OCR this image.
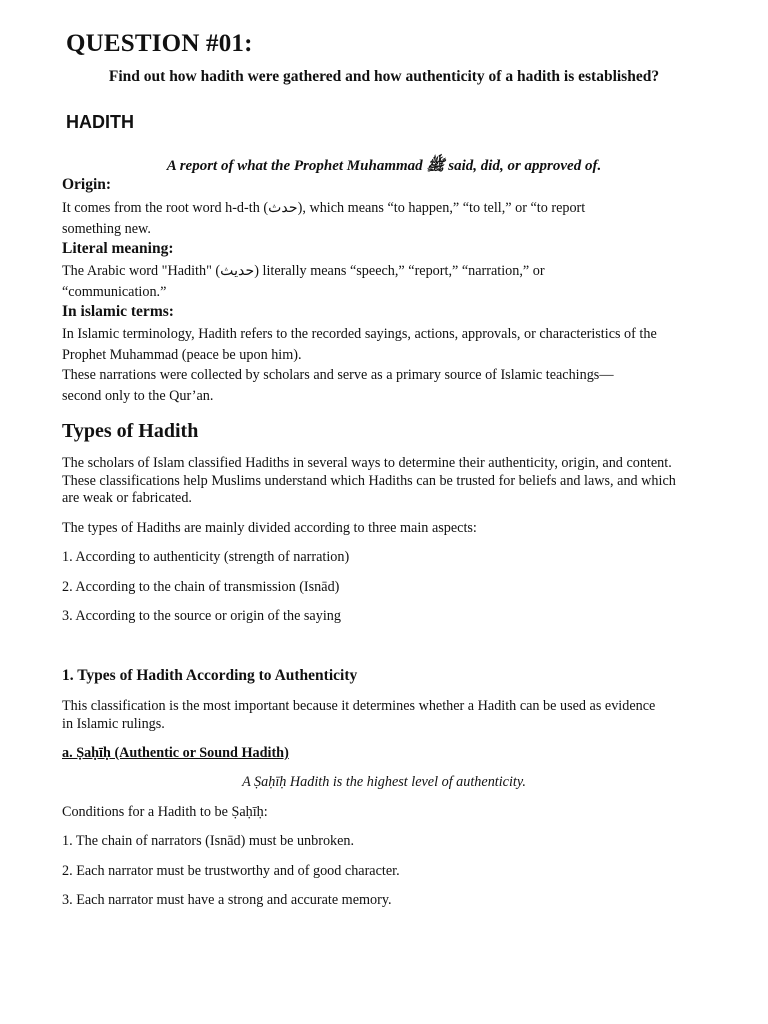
QUESTION #01:

Find out how hadith were gathered and how authenticity of a hadith is established?

HADITH

A report of what the Prophet Muhammad ﷺ said, did, or approved of.

Origin:

It comes from the root word h-d-th (حدث), which means “to happen,” “to tell,” or “to report something new.

Literal meaning:

The Arabic word "Hadith" (حديث) literally means “speech,” “report,” “narration,” or “communication.”

In islamic terms:

In Islamic terminology, Hadith refers to the recorded sayings, actions, approvals, or characteristics of the Prophet Muhammad (peace be upon him).

These narrations were collected by scholars and serve as a primary source of Islamic teachings—second only to the Qur’an.

Types of Hadith

The scholars of Islam classified Hadiths in several ways to determine their authenticity, origin, and content. These classifications help Muslims understand which Hadiths can be trusted for beliefs and laws, and which are weak or fabricated.

The types of Hadiths are mainly divided according to three main aspects:

1. According to authenticity (strength of narration)

2. According to the chain of transmission (Isnād)

3. According to the source or origin of the saying

1. Types of Hadith According to Authenticity

This classification is the most important because it determines whether a Hadith can be used as evidence in Islamic rulings.

a. Ṣaḥīḥ (Authentic or Sound Hadith)

A Ṣaḥīḥ Hadith is the highest level of authenticity.

Conditions for a Hadith to be Ṣaḥīḥ:

1. The chain of narrators (Isnād) must be unbroken.

2. Each narrator must be trustworthy and of good character.

3. Each narrator must have a strong and accurate memory.
